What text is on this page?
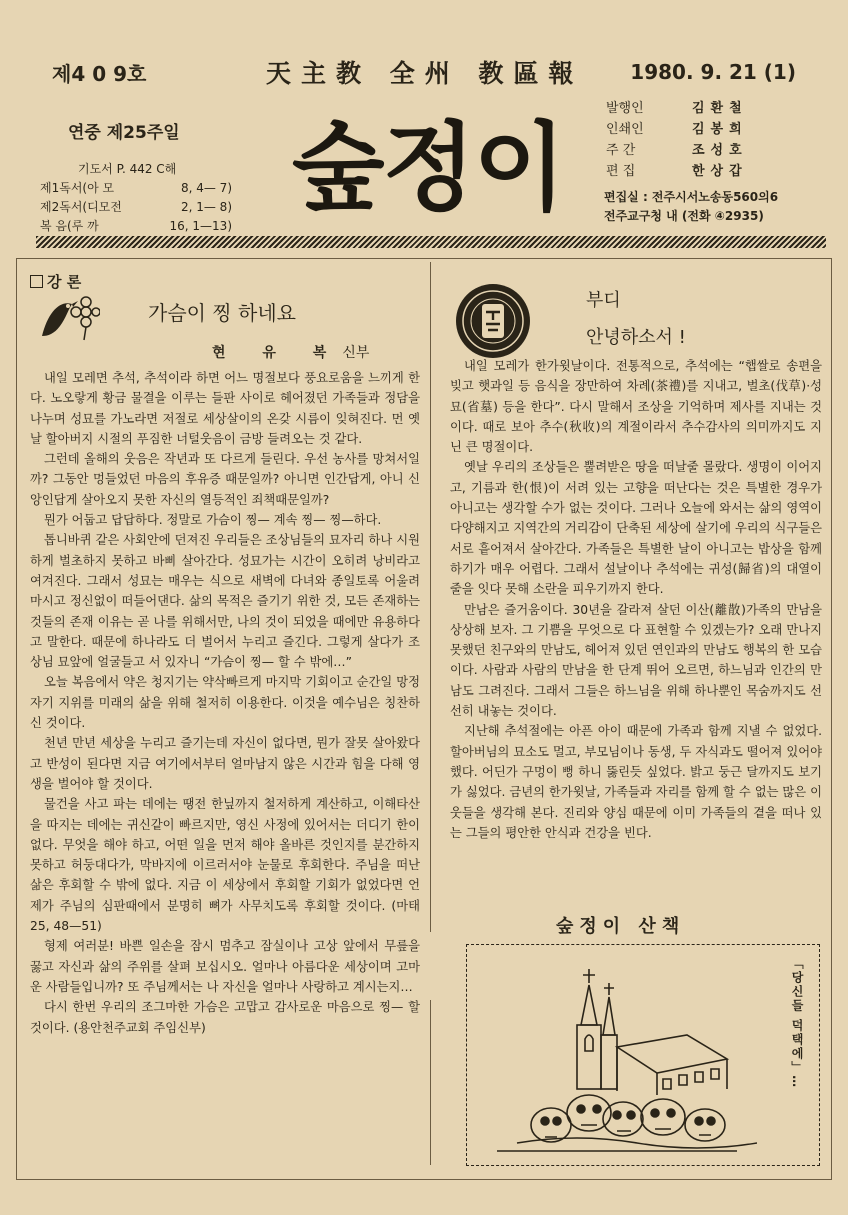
제4 0 9호	天主教 全州 教區報 1980. 9. 21 (1)
연중 제25주일
기도서 P. 442 C해
제1독서(아 모	8, 4— 7)
제2독서(디모전	2, 1— 8)
복 음(루 까	16, 1—13)
숲정이
발행인	김환철
인쇄인	김봉희
주 간	조성호
편 집	한상갑
편집실 : 전주시서노송동560의6
전주교구청 내 (전화 ④2935)
강 론
가슴이 찡 하네요
현 유 복신부

내일 모레면 추석, 추석이라 하면 어느 명절보다 풍요로움을 느끼게 한다. 노오랗게 황금 물결을 이루는 들판 사이로 헤어졌던 가족들과 정담을 나누며 성묘를 가노라면 저절로 세상살이의 온갖 시름이 잊혀진다. 먼 옛날 할아버지 시절의 푸짐한 너털웃음이 금방 들려오는 것 같다.

그런데 올해의 웃음은 작년과 또 다르게 들린다. 우선 농사를 망쳐서일까? 그동안 멍들었던 마음의 후유증 때문일까? 아니면 인간답게, 아니 신앙인답게 살아오지 못한 자신의 열등적인 죄책때문일까?

뭔가 어둡고 답답하다. 정말로 가슴이 찡— 계속 찡— 찡—하다.

톱니바퀴 같은 사회안에 던져진 우리들은 조상님들의 묘자리 하나 시원하게 벌초하지 못하고 바삐 살아간다. 성묘가는 시간이 오히려 낭비라고 여겨진다. 그래서 성묘는 매우는 식으로 새벽에 다녀와 종일토록 어울려 마시고 정신없이 떠들어댄다. 삶의 목적은 즐기기 위한 것, 모든 존재하는 것들의 존재 이유는 곧 나를 위해서만, 나의 것이 되었을 때에만 유용하다고 말한다. 때문에 하나라도 더 벌어서 누리고 즐긴다. 그렇게 살다가 조상님 묘앞에 얼굴들고 서 있자니 “가슴이 찡— 할 수 밖에…”

오늘 복음에서 약은 청지기는 약삭빠르게 마지막 기회이고 순간일 망정 자기 지위를 미래의 삶을 위해 철저히 이용한다. 이것을 예수님은 칭찬하신 것이다.

천년 만년 세상을 누리고 즐기는데 자신이 없다면, 뭔가 잘못 살아왔다고 반성이 된다면 지금 여기에서부터 얼마남지 않은 시간과 힘을 다해 영생을 벌어야 할 것이다.

물건을 사고 파는 데에는 땡전 한닢까지 철저하게 계산하고, 이해타산을 따지는 데에는 귀신같이 빠르지만, 영신 사정에 있어서는 더디기 한이 없다. 무엇을 해야 하고, 어떤 일을 먼저 해야 올바른 것인지를 분간하지 못하고 허둥대다가, 막바지에 이르러서야 눈물로 후회한다. 주님을 떠난 삶은 후회할 수 밖에 없다. 지금 이 세상에서 후회할 기회가 없었다면 언제가 주님의 심판때에서 분명히 뼈가 사무치도록 후회할 것이다. (마태 25, 48—51)

형제 여러분! 바쁜 일손을 잠시 멈추고 잠실이나 고상 앞에서 무릎을 꿇고 자신과 삶의 주위를 살펴 보십시오. 얼마나 아름다운 세상이며 고마운 사람들입니까? 또 주님께서는 나 자신을 얼마나 사랑하고 계시는지…

다시 한번 우리의 조그마한 가슴은 고맙고 감사로운 마음으로 찡— 할 것이다. (용안천주교회 주임신부)

부디
안녕하소서 !

내일 모레가 한가윗날이다. 전통적으로, 추석에는 “햅쌀로 송편을 빚고 햇과일 등 음식을 장만하여 차례(茶禮)를 지내고, 벌초(伐草)·성묘(省墓) 등을 한다”. 다시 말해서 조상을 기억하며 제사를 지내는 것이다. 때로 보아 추수(秋收)의 계절이라서 추수감사의 의미까지도 지닌 큰 명절이다.

옛날 우리의 조상들은 뿔려받은 땅을 떠날줄 몰랐다. 생명이 이어지고, 기름과 한(恨)이 서려 있는 고향을 떠난다는 것은 특별한 경우가 아니고는 생각할 수가 없는 것이다. 그러나 오늘에 와서는 삶의 영역이 다양해지고 지역간의 거리감이 단축된 세상에 살기에 우리의 식구들은 서로 흩어져서 살아간다. 가족들은 특별한 날이 아니고는 밥상을 함께 하기가 매우 어렵다. 그래서 설날이나 추석에는 귀성(歸省)의 대열이 줄을 잇다 못해 소란을 피우기까지 한다.

만남은 즐거움이다. 30년을 갈라져 살던 이산(離散)가족의 만남을 상상해 보자. 그 기쁨을 무엇으로 다 표현할 수 있겠는가? 오래 만나지 못했던 친구와의 만남도, 헤어져 있던 연인과의 만남도 행복의 한 모습이다. 사람과 사람의 만남을 한 단계 뛰어 오르면, 하느님과 인간의 만남도 그려진다. 그래서 그들은 하느님을 위해 하나뿐인 목숨까지도 선선히 내놓는 것이다.

지난해 추석절에는 아픈 아이 때문에 가족과 함께 지낼 수 없었다. 할아버님의 묘소도 멀고, 부모님이나 동생, 두 자식과도 떨어져 있어야 했다. 어딘가 구멍이 뻥 하니 뚫린듯 싶었다. 밝고 둥근 달까지도 보기가 싫었다. 금년의 한가윗날, 가족들과 자리를 함께 할 수 없는 많은 이웃들을 생각해 본다. 진리와 양심 때문에 이미 가족들의 곁을 떠나 있는 그들의 평안한 안식과 건강을 빈다.

숲정이 산책
「당신들 덕택에」…
